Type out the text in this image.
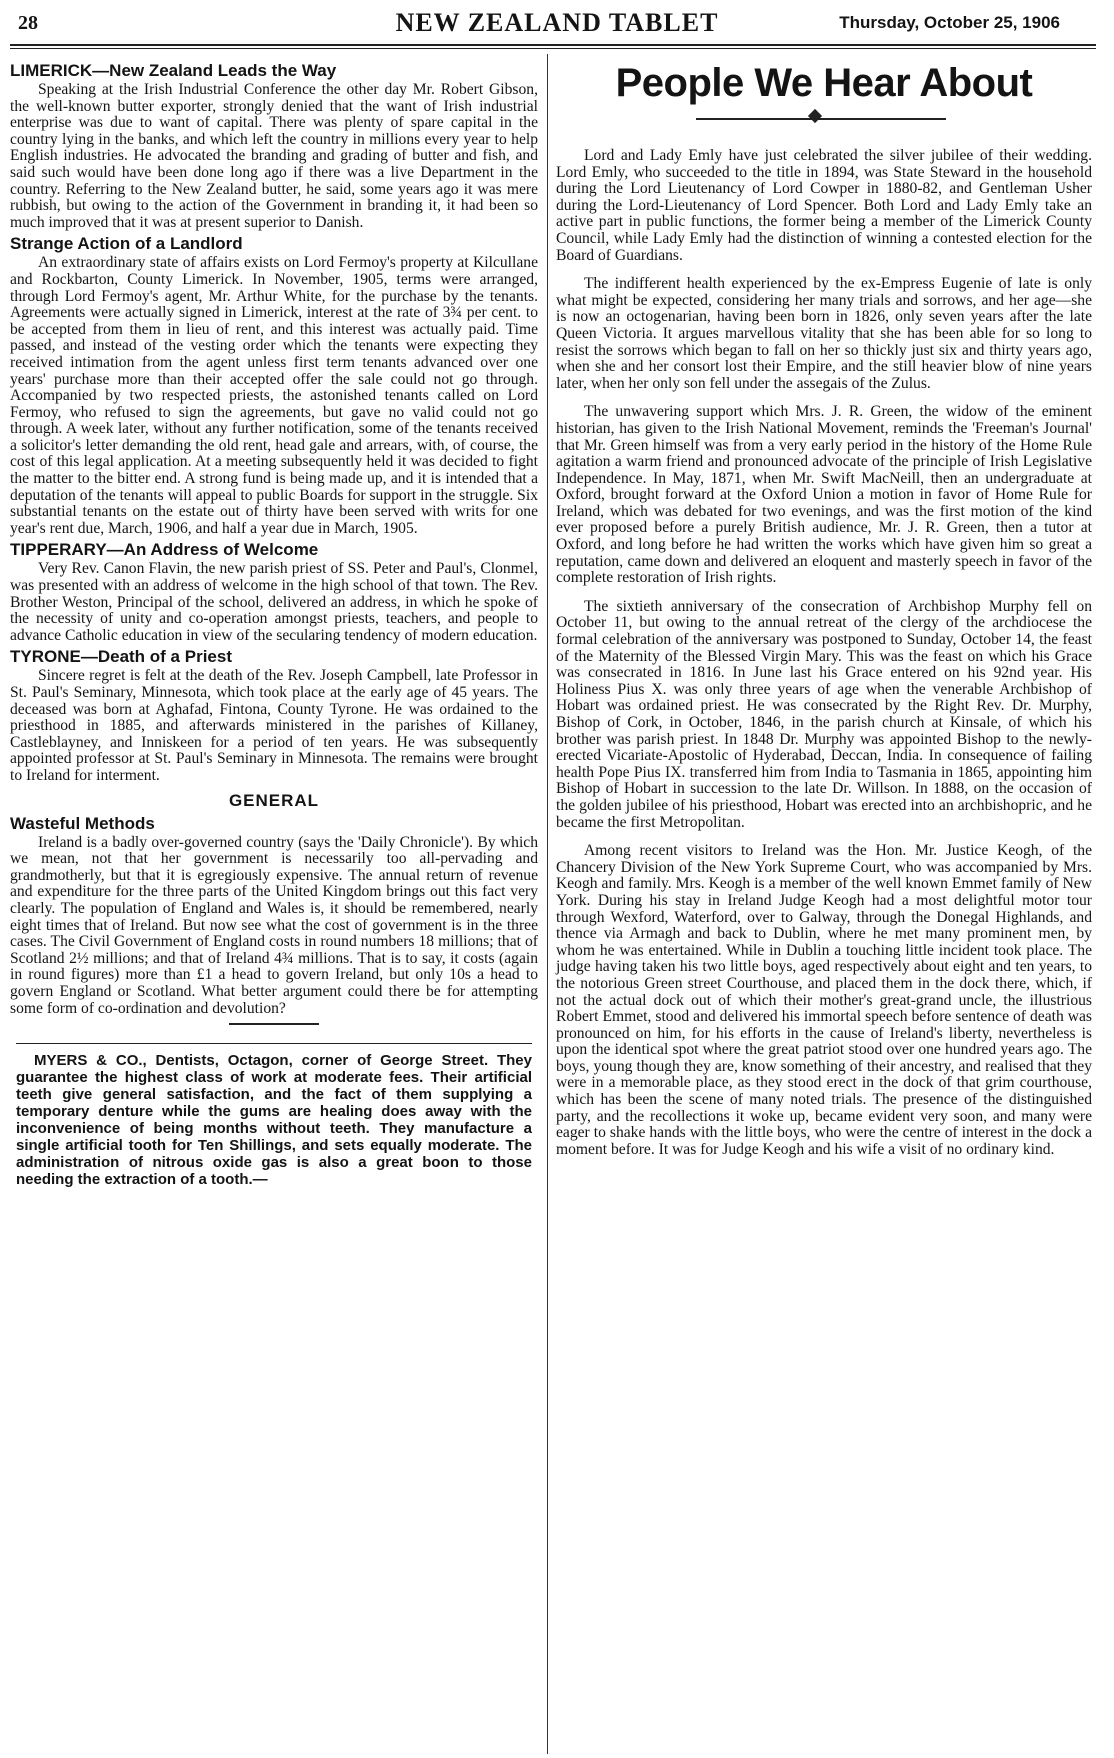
28	NEW ZEALAND TABLET	Thursday, October 25, 1906
LIMERICK—New Zealand Leads the Way

Speaking at the Irish Industrial Conference the other day Mr. Robert Gibson, the well-known butter exporter, strongly denied that the want of Irish industrial enterprise was due to want of capital. There was plenty of spare capital in the country lying in the banks, and which left the country in millions every year to help English industries. He advocated the branding and grading of butter and fish, and said such would have been done long ago if there was a live Department in the country. Referring to the New Zealand butter, he said, some years ago it was mere rubbish, but owing to the action of the Government in branding it, it had been so much improved that it was at present superior to Danish.

Strange Action of a Landlord

An extraordinary state of affairs exists on Lord Fermoy's property at Kilcullane and Rockbarton, County Limerick. In November, 1905, terms were arranged, through Lord Fermoy's agent, Mr. Arthur White, for the purchase by the tenants. Agreements were actually signed in Limerick, interest at the rate of 3¾ per cent. to be accepted from them in lieu of rent, and this interest was actually paid. Time passed, and instead of the vesting order which the tenants were expecting they received intimation from the agent unless first term tenants advanced over one years' purchase more than their accepted offer the sale could not go through. Accompanied by two respected priests, the astonished tenants called on Lord Fermoy, who refused to sign the agreements, but gave no valid could not go through. A week later, without any further notification, some of the tenants received a solicitor's letter demanding the old rent, head gale and arrears, with, of course, the cost of this legal application. At a meeting subsequently held it was decided to fight the matter to the bitter end. A strong fund is being made up, and it is intended that a deputation of the tenants will appeal to public Boards for support in the struggle. Six substantial tenants on the estate out of thirty have been served with writs for one year's rent due, March, 1906, and half a year due in March, 1905.

TIPPERARY—An Address of Welcome

Very Rev. Canon Flavin, the new parish priest of SS. Peter and Paul's, Clonmel, was presented with an address of welcome in the high school of that town. The Rev. Brother Weston, Principal of the school, delivered an address, in which he spoke of the necessity of unity and co-operation amongst priests, teachers, and people to advance Catholic education in view of the secularing tendency of modern education.

TYRONE—Death of a Priest

Sincere regret is felt at the death of the Rev. Joseph Campbell, late Professor in St. Paul's Seminary, Minnesota, which took place at the early age of 45 years. The deceased was born at Aghafad, Fintona, County Tyrone. He was ordained to the priesthood in 1885, and afterwards ministered in the parishes of Killaney, Castleblayney, and Inniskeen for a period of ten years. He was subsequently appointed professor at St. Paul's Seminary in Minnesota. The remains were brought to Ireland for interment.

GENERAL
Wasteful Methods

Ireland is a badly over-governed country (says the 'Daily Chronicle'). By which we mean, not that her government is necessarily too all-pervading and grandmotherly, but that it is egregiously expensive. The annual return of revenue and expenditure for the three parts of the United Kingdom brings out this fact very clearly. The population of England and Wales is, it should be remembered, nearly eight times that of Ireland. But now see what the cost of government is in the three cases. The Civil Government of England costs in round numbers 18 millions; that of Scotland 2½ millions; and that of Ireland 4¾ millions. That is to say, it costs (again in round figures) more than £1 a head to govern Ireland, but only 10s a head to govern England or Scotland. What better argument could there be for attempting some form of co-ordination and devolution?

MYERS & CO., Dentists, Octagon, corner of George Street. They guarantee the highest class of work at moderate fees. Their artificial teeth give general satisfaction, and the fact of them supplying a temporary denture while the gums are healing does away with the inconvenience of being months without teeth. They manufacture a single artificial tooth for Ten Shillings, and sets equally moderate. The administration of nitrous oxide gas is also a great boon to those needing the extraction of a tooth.—

People We Hear About

Lord and Lady Emly have just celebrated the silver jubilee of their wedding. Lord Emly, who succeeded to the title in 1894, was State Steward in the household during the Lord Lieutenancy of Lord Cowper in 1880-82, and Gentleman Usher during the Lord-Lieutenancy of Lord Spencer. Both Lord and Lady Emly take an active part in public functions, the former being a member of the Limerick County Council, while Lady Emly had the distinction of winning a contested election for the Board of Guardians.

The indifferent health experienced by the ex-Empress Eugenie of late is only what might be expected, considering her many trials and sorrows, and her age—she is now an octogenarian, having been born in 1826, only seven years after the late Queen Victoria. It argues marvellous vitality that she has been able for so long to resist the sorrows which began to fall on her so thickly just six and thirty years ago, when she and her consort lost their Empire, and the still heavier blow of nine years later, when her only son fell under the assegais of the Zulus.

The unwavering support which Mrs. J. R. Green, the widow of the eminent historian, has given to the Irish National Movement, reminds the 'Freeman's Journal' that Mr. Green himself was from a very early period in the history of the Home Rule agitation a warm friend and pronounced advocate of the principle of Irish Legislative Independence. In May, 1871, when Mr. Swift MacNeill, then an undergraduate at Oxford, brought forward at the Oxford Union a motion in favor of Home Rule for Ireland, which was debated for two evenings, and was the first motion of the kind ever proposed before a purely British audience, Mr. J. R. Green, then a tutor at Oxford, and long before he had written the works which have given him so great a reputation, came down and delivered an eloquent and masterly speech in favor of the complete restoration of Irish rights.

The sixtieth anniversary of the consecration of Archbishop Murphy fell on October 11, but owing to the annual retreat of the clergy of the archdiocese the formal celebration of the anniversary was postponed to Sunday, October 14, the feast of the Maternity of the Blessed Virgin Mary. This was the feast on which his Grace was consecrated in 1816. In June last his Grace entered on his 92nd year. His Holiness Pius X. was only three years of age when the venerable Archbishop of Hobart was ordained priest. He was consecrated by the Right Rev. Dr. Murphy, Bishop of Cork, in October, 1846, in the parish church at Kinsale, of which his brother was parish priest. In 1848 Dr. Murphy was appointed Bishop to the newly-erected Vicariate-Apostolic of Hyderabad, Deccan, India. In consequence of failing health Pope Pius IX. transferred him from India to Tasmania in 1865, appointing him Bishop of Hobart in succession to the late Dr. Willson. In 1888, on the occasion of the golden jubilee of his priesthood, Hobart was erected into an archbishopric, and he became the first Metropolitan.

Among recent visitors to Ireland was the Hon. Mr. Justice Keogh, of the Chancery Division of the New York Supreme Court, who was accompanied by Mrs. Keogh and family. Mrs. Keogh is a member of the well known Emmet family of New York. During his stay in Ireland Judge Keogh had a most delightful motor tour through Wexford, Waterford, over to Galway, through the Donegal Highlands, and thence via Armagh and back to Dublin, where he met many prominent men, by whom he was entertained. While in Dublin a touching little incident took place. The judge having taken his two little boys, aged respectively about eight and ten years, to the notorious Green street Courthouse, and placed them in the dock there, which, if not the actual dock out of which their mother's great-grand uncle, the illustrious Robert Emmet, stood and delivered his immortal speech before sentence of death was pronounced on him, for his efforts in the cause of Ireland's liberty, nevertheless is upon the identical spot where the great patriot stood over one hundred years ago. The boys, young though they are, know something of their ancestry, and realised that they were in a memorable place, as they stood erect in the dock of that grim courthouse, which has been the scene of many noted trials. The presence of the distinguished party, and the recollections it woke up, became evident very soon, and many were eager to shake hands with the little boys, who were the centre of interest in the dock a moment before. It was for Judge Keogh and his wife a visit of no ordinary kind.
